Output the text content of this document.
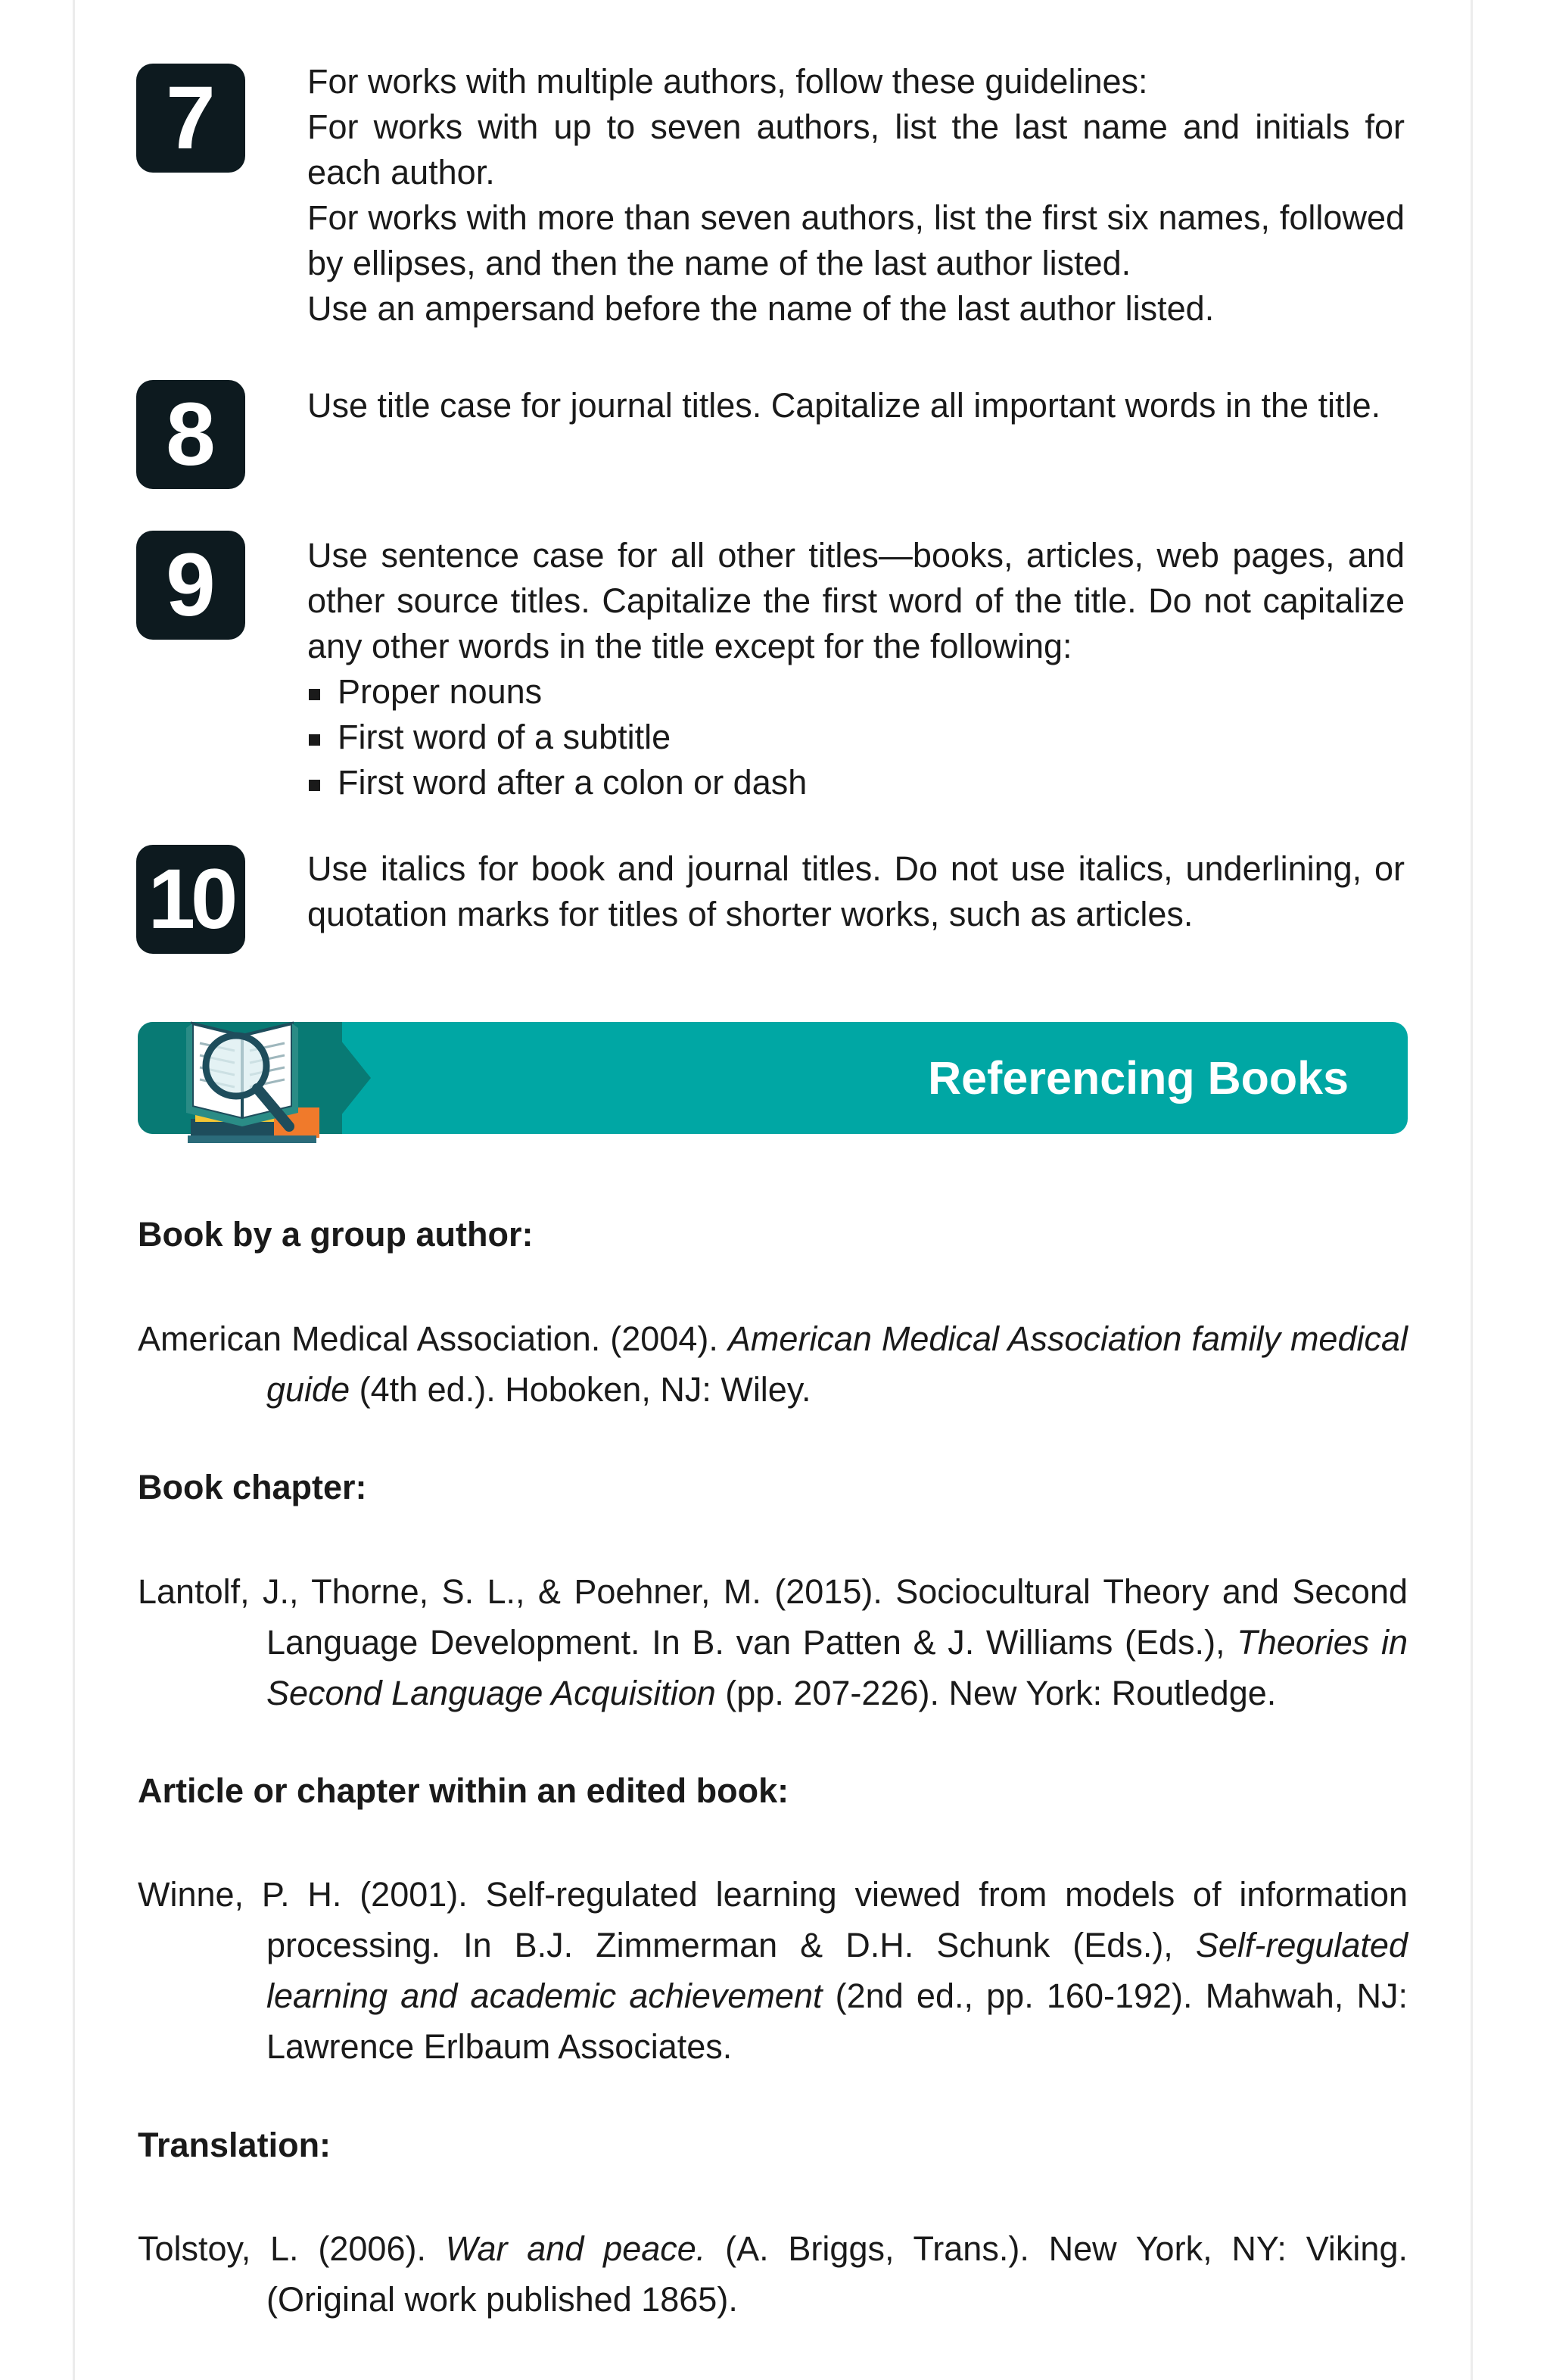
7	For works with multiple authors, follow these guidelines:

For works with up to seven authors, list the last name and initials for each author.

For works with more than seven authors, list the first six names, followed by ellipses, and then the name of the last author listed.

Use an ampersand before the name of the last author listed.

8	Use title case for journal titles. Capitalize all important words in the title.

9	Use sentence case for all other titles—books, articles, web pages, and other source titles. Capitalize the first word of the title. Do not capitalize any other words in the title except for the following:

Proper nouns
First word of a subtitle
First word after a colon or dash
10	Use italics for book and journal titles. Do not use italics, underlining, or quotation marks for titles of shorter works, such as articles.

Referencing Books
Book by a group author:
American Medical Association. (2004). American Medical Association family medical guide (4th ed.). Hoboken, NJ: Wiley.
Book chapter:
Lantolf, J., Thorne, S. L., & Poehner, M. (2015). Sociocultural Theory and Second Language Development. In B. van Patten & J. Williams (Eds.), Theories in Second Language Acquisition (pp. 207-226). New York: Routledge.
Article or chapter within an edited book:
Winne, P. H. (2001). Self-regulated learning viewed from models of information processing. In B.J. Zimmerman & D.H. Schunk (Eds.), Self-regulated learning and academic achievement (2nd ed., pp. 160-192). Mahwah, NJ: Lawrence Erlbaum Associates.
Translation:
Tolstoy, L. (2006). War and peace. (A. Briggs, Trans.). New York, NY: Viking. (Original work published 1865).
